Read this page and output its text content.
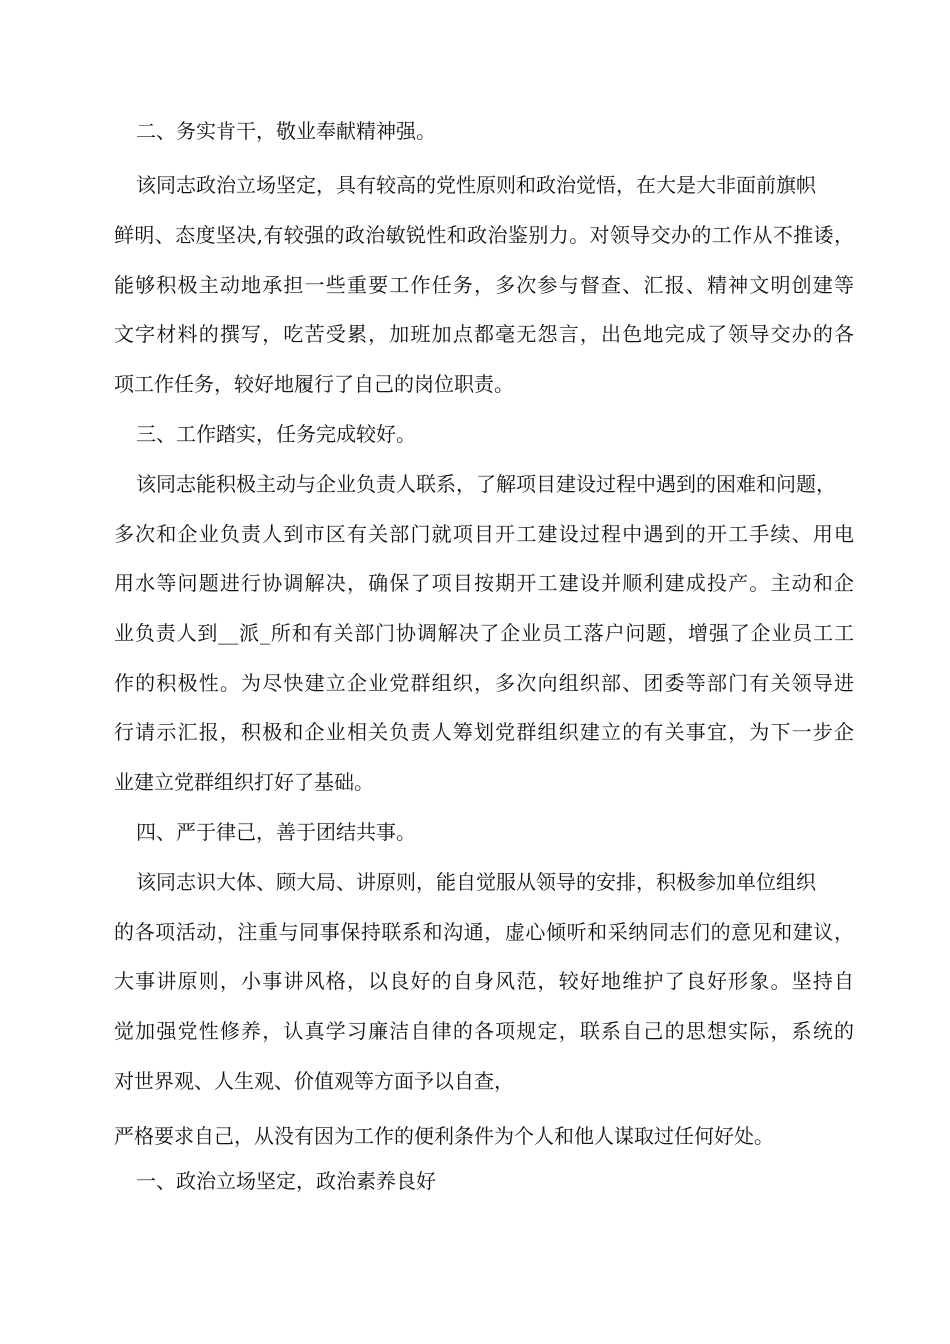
二、务实肯干，敬业奉献精神强。
该同志政治立场坚定，具有较高的党性原则和政治觉悟，在大是大非面前旗帜
鲜明、态度坚决,有较强的政治敏锐性和政治鉴别力。对领导交办的工作从不推诿，
能够积极主动地承担一些重要工作任务，多次参与督查、汇报、精神文明创建等
文字材料的撰写，吃苦受累，加班加点都毫无怨言，出色地完成了领导交办的各
项工作任务，较好地履行了自己的岗位职责。
三、工作踏实，任务完成较好。
该同志能积极主动与企业负责人联系，了解项目建设过程中遇到的困难和问题，
多次和企业负责人到市区有关部门就项目开工建设过程中遇到的开工手续、用电
用水等问题进行协调解决，确保了项目按期开工建设并顺利建成投产。主动和企
业负责人到__派_所和有关部门协调解决了企业员工落户问题，增强了企业员工工
作的积极性。为尽快建立企业党群组织，多次向组织部、团委等部门有关领导进
行请示汇报，积极和企业相关负责人筹划党群组织建立的有关事宜，为下一步企
业建立党群组织打好了基础。
四、严于律己，善于团结共事。
该同志识大体、顾大局、讲原则，能自觉服从领导的安排，积极参加单位组织
的各项活动，注重与同事保持联系和沟通，虚心倾听和采纳同志们的意见和建议，
大事讲原则，小事讲风格，以良好的自身风范，较好地维护了良好形象。坚持自
觉加强党性修养，认真学习廉洁自律的各项规定，联系自己的思想实际，系统的
对世界观、人生观、价值观等方面予以自查，
严格要求自己，从没有因为工作的便利条件为个人和他人谋取过任何好处。
一、政治立场坚定，政治素养良好
